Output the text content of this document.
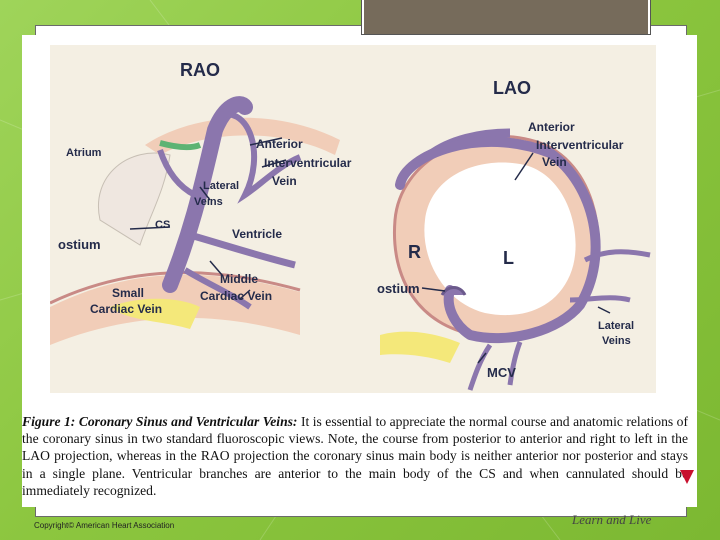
RAO
Atrium
Anterior
Interventricular
Vein
Lateral
Veins
CS
ostium
Ventricle
Middle
Cardiac Vein
Small
Cardiac Vein
LAO
Anterior
Interventricular
Vein
R	L
ostium
Lateral
Veins
MCV
Figure 1: Coronary Sinus and Ventricular Veins: It is essential to appreciate the normal course and anatomic relations of the coronary sinus in two standard fluoroscopic views. Note, the course from posterior to anterior and right to left in the LAO projection, whereas in the RAO projection the coronary sinus main body is neither anterior nor posterior and stays in a single plane. Ventricular branches are anterior to the main body of the CS and when cannulated should be immediately recognized.
Copyright© American Heart Association	Learn and Live
